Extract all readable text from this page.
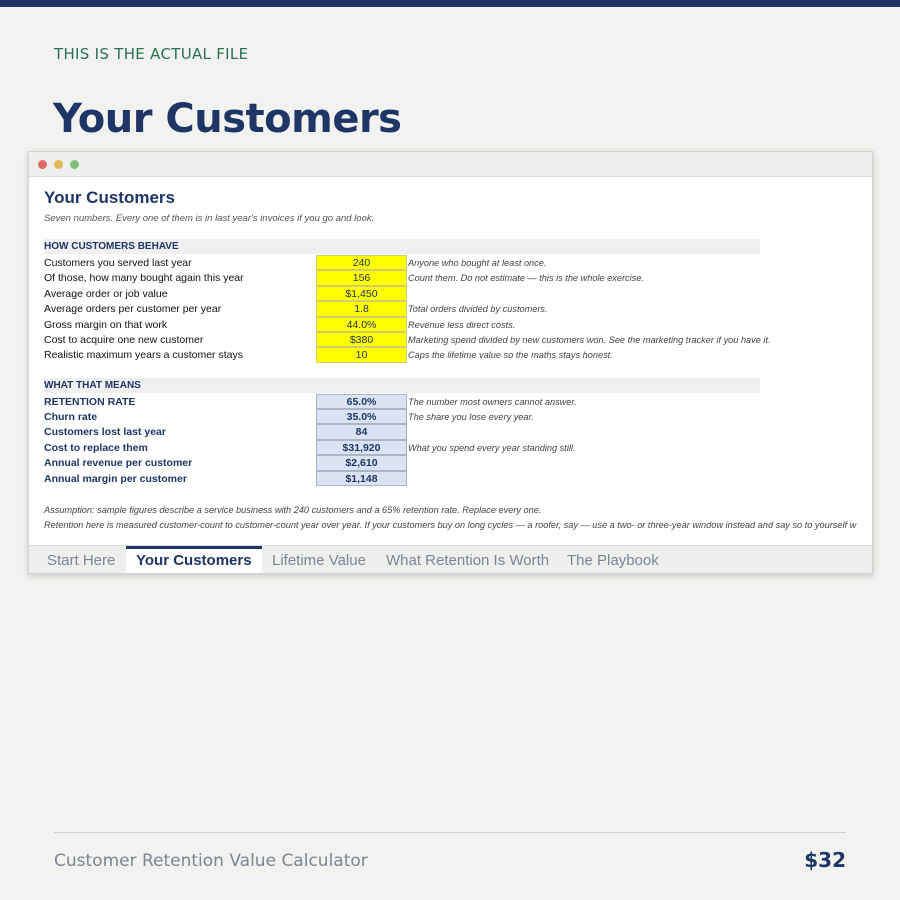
THIS IS THE ACTUAL FILE
Your Customers
Your Customers
Seven numbers. Every one of them is in last year's invoices if you go and look.
HOW CUSTOMERS BEHAVE
Customers you served last year	240	Anyone who bought at least once.
Of those, how many bought again this year	156	Count them. Do not estimate — this is the whole exercise.
Average order or job value	$1,450
Average orders per customer per year	1.8	Total orders divided by customers.
Gross margin on that work	44.0%	Revenue less direct costs.
Cost to acquire one new customer	$380	Marketing spend divided by new customers won. See the marketing tracker if you have it.
Realistic maximum years a customer stays	10	Caps the lifetime value so the maths stays honest.
WHAT THAT MEANS
RETENTION RATE	65.0%	The number most owners cannot answer.
Churn rate	35.0%	The share you lose every year.
Customers lost last year	84
Cost to replace them	$31,920	What you spend every year standing still.
Annual revenue per customer	$2,610
Annual margin per customer	$1,148
Assumption: sample figures describe a service business with 240 customers and a 65% retention rate. Replace every one.
Retention here is measured customer-count to customer-count year over year. If your customers buy on long cycles — a roofer, say — use a two- or three-year window instead and say so to yourself w
Start Here	Your Customers	Lifetime Value	What Retention Is Worth	The Playbook
Customer Retention Value Calculator	$32
